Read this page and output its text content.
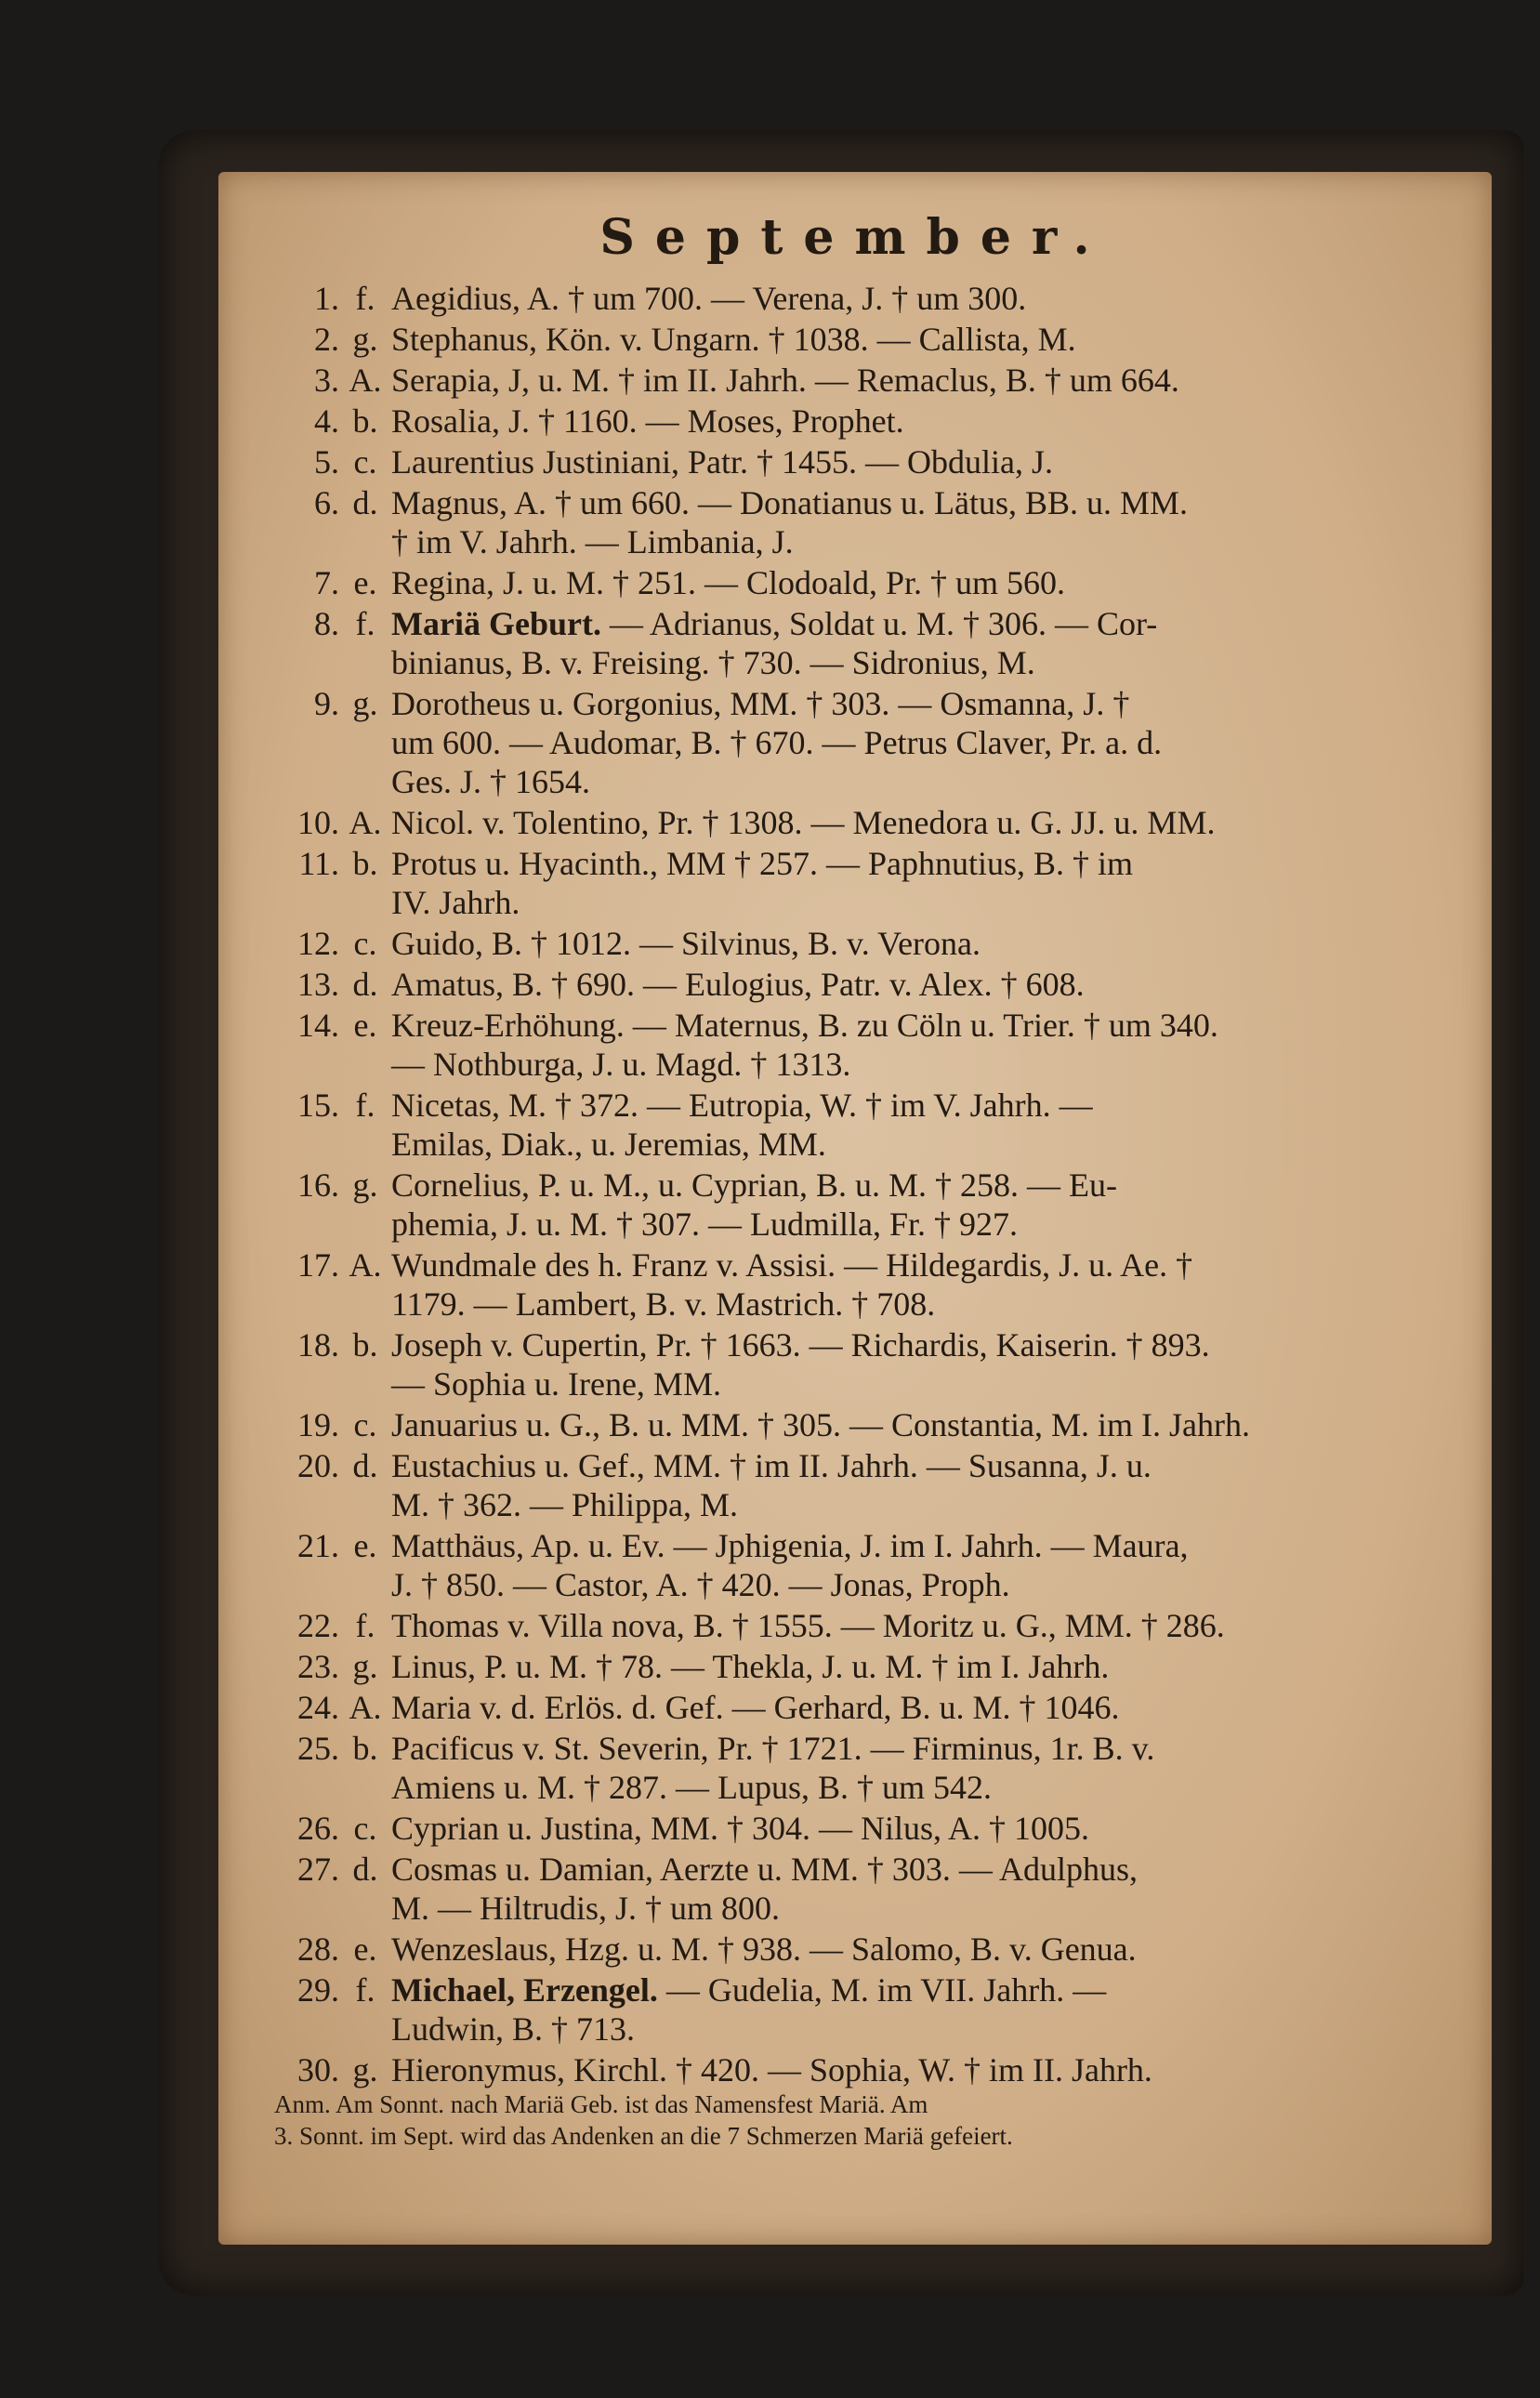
September.
1. f. Aegidius, A. † um 700. — Verena, J. † um 300.
2. g. Stephanus, Kön. v. Ungarn. † 1038. — Callista, M.
3. A. Serapia, J, u. M. † im II. Jahrh. — Remaclus, B. † um 664.
4. b. Rosalia, J. † 1160. — Moses, Prophet.
5. c. Laurentius Justiniani, Patr. † 1455. — Obdulia, J.
6. d. Magnus, A. † um 660. — Donatianus u. Lätus, BB. u. MM.
† im V. Jahrh. — Limbania, J.
7. e. Regina, J. u. M. † 251. — Clodoald, Pr. † um 560.
8. f. Mariä Geburt. — Adrianus, Soldat u. M. † 306. — Cor-
binianus, B. v. Freising. † 730. — Sidronius, M.
9. g. Dorotheus u. Gorgonius, MM. † 303. — Osmanna, J. †
um 600. — Audomar, B. † 670. — Petrus Claver, Pr. a. d.
Ges. J. † 1654.
10. A. Nicol. v. Tolentino, Pr. † 1308. — Menedora u. G. JJ. u. MM.
11. b. Protus u. Hyacinth., MM † 257. — Paphnutius, B. † im
IV. Jahrh.
12. c. Guido, B. † 1012. — Silvinus, B. v. Verona.
13. d. Amatus, B. † 690. — Eulogius, Patr. v. Alex. † 608.
14. e. Kreuz-Erhöhung. — Maternus, B. zu Cöln u. Trier. † um 340.
— Nothburga, J. u. Magd. † 1313.
15. f. Nicetas, M. † 372. — Eutropia, W. † im V. Jahrh. —
Emilas, Diak., u. Jeremias, MM.
16. g. Cornelius, P. u. M., u. Cyprian, B. u. M. † 258. — Eu-
phemia, J. u. M. † 307. — Ludmilla, Fr. † 927.
17. A. Wundmale des h. Franz v. Assisi. — Hildegardis, J. u. Ae. †
1179. — Lambert, B. v. Mastrich. † 708.
18. b. Joseph v. Cupertin, Pr. † 1663. — Richardis, Kaiserin. † 893.
— Sophia u. Irene, MM.
19. c. Januarius u. G., B. u. MM. † 305. — Constantia, M. im I. Jahrh.
20. d. Eustachius u. Gef., MM. † im II. Jahrh. — Susanna, J. u.
M. † 362. — Philippa, M.
21. e. Matthäus, Ap. u. Ev. — Jphigenia, J. im I. Jahrh. — Maura,
J. † 850. — Castor, A. † 420. — Jonas, Proph.
22. f. Thomas v. Villa nova, B. † 1555. — Moritz u. G., MM. † 286.
23. g. Linus, P. u. M. † 78. — Thekla, J. u. M. † im I. Jahrh.
24. A. Maria v. d. Erlös. d. Gef. — Gerhard, B. u. M. † 1046.
25. b. Pacificus v. St. Severin, Pr. † 1721. — Firminus, 1r. B. v.
Amiens u. M. † 287. — Lupus, B. † um 542.
26. c. Cyprian u. Justina, MM. † 304. — Nilus, A. † 1005.
27. d. Cosmas u. Damian, Aerzte u. MM. † 303. — Adulphus,
M. — Hiltrudis, J. † um 800.
28. e. Wenzeslaus, Hzg. u. M. † 938. — Salomo, B. v. Genua.
29. f. Michael, Erzengel. — Gudelia, M. im VII. Jahrh. —
Ludwin, B. † 713.
30. g. Hieronymus, Kirchl. † 420. — Sophia, W. † im II. Jahrh.
Anm. Am Sonnt. nach Mariä Geb. ist das Namensfest Mariä. Am
3. Sonnt. im Sept. wird das Andenken an die 7 Schmerzen Mariä gefeiert.
